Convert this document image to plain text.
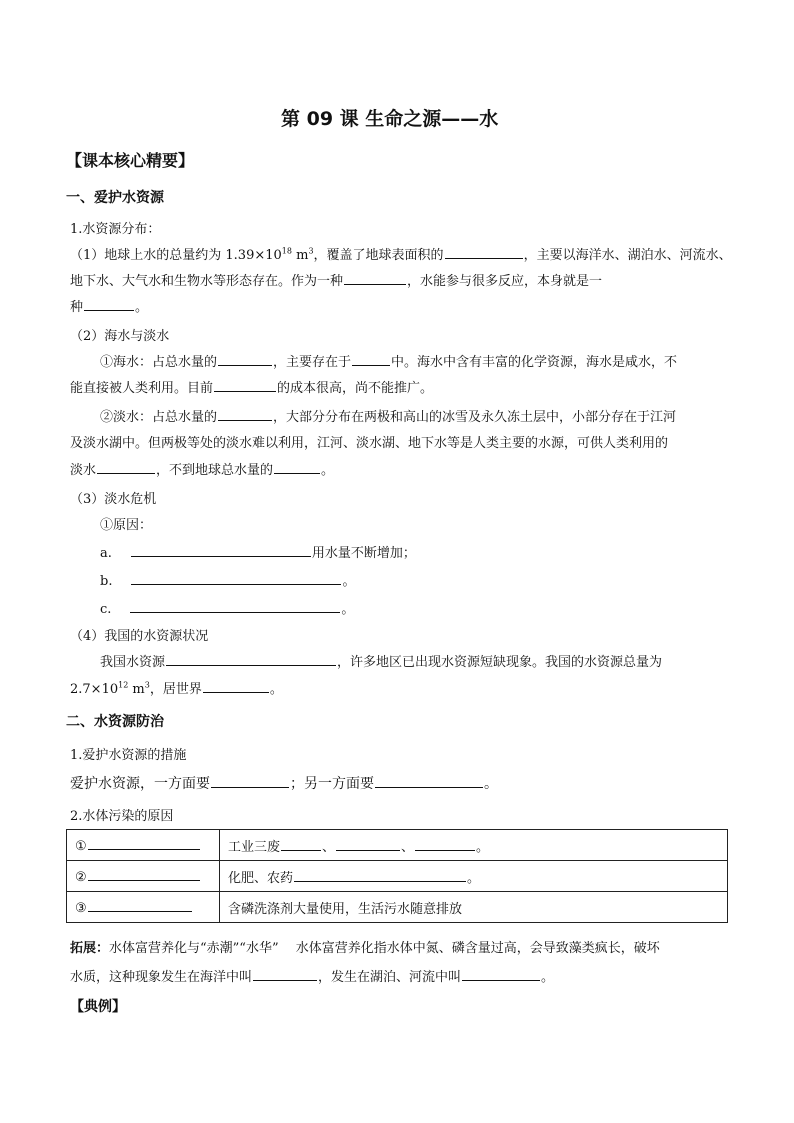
第 09 课 生命之源——水
【课本核心精要】
一、爱护水资源
1.水资源分布：
（1）地球上水的总量约为 $1.39\times 10^{18}$ $m^3$，覆盖了地球表面积的	，主要以海洋水、湖泊水、河流水、
地下水、大气水和生物水等形态存在。作为一种	，水能参与很多反应，本身就是一
种	。
（2）海水与淡水
①海水：占总水量的	，主要存在于	中。海水中含有丰富的化学资源，海水是咸水，不
能直接被人类利用。目前	的成本很高，尚不能推广。
②淡水：占总水量的	，大部分分布在两极和高山的冰雪及永久冻土层中，小部分存在于江河
及淡水湖中。但两极等处的淡水难以利用，江河、淡水湖、地下水等是人类主要的水源，可供人类利用的
淡水	，不到地球总水量的	。
（3）淡水危机
①原因：
a.	用水量不断增加；
b.	。
c.	。
（4）我国的水资源状况
我国水资源	，许多地区已出现水资源短缺现象。我国的水资源总量为
$2.7\times 10^{12}$ $m^3$，居世界	。
二、水资源防治
1.爱护水资源的措施
爱护水资源，一方面要	；另一方面要	。
2.水体污染的原因
①	工业三废 、 、 。
②	化肥、农药 。
③	含磷洗涤剂大量使用，生活污水随意排放
拓展：水体富营养化与“赤潮”“水华”　 水体富营养化指水体中氮、磷含量过高，会导致藻类疯长，破坏
水质，这种现象发生在海洋中叫	，发生在湖泊、河流中叫	。
【典例】
